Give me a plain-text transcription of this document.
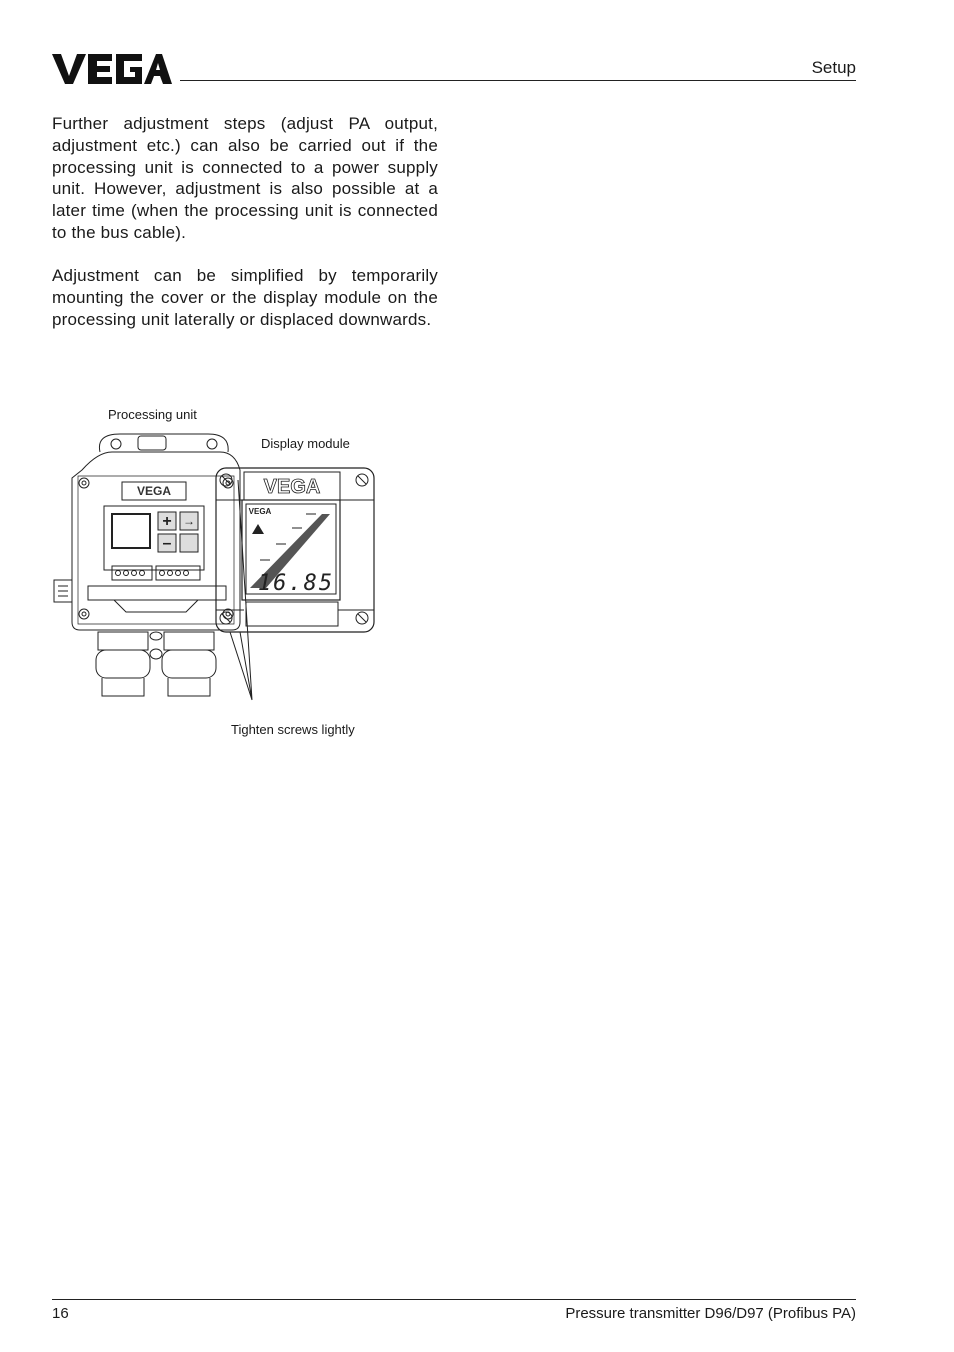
Setup

Further adjustment steps (adjust PA output, adjustment etc.) can also be carried out if the processing unit is connected to a power supply unit. However, adjustment is also possible at a later time (when the processing unit is connected to the bus cable).

Adjustment can be simplified by temporarily mounting the cover or the display module on the processing unit laterally or displaced downwards.

VEGA	VEGA
VEGA
+ →
–
16.85
Processing unit
Display module
Tighten screws lightly
16	Pressure transmitter D96/D97 (Profibus PA)
